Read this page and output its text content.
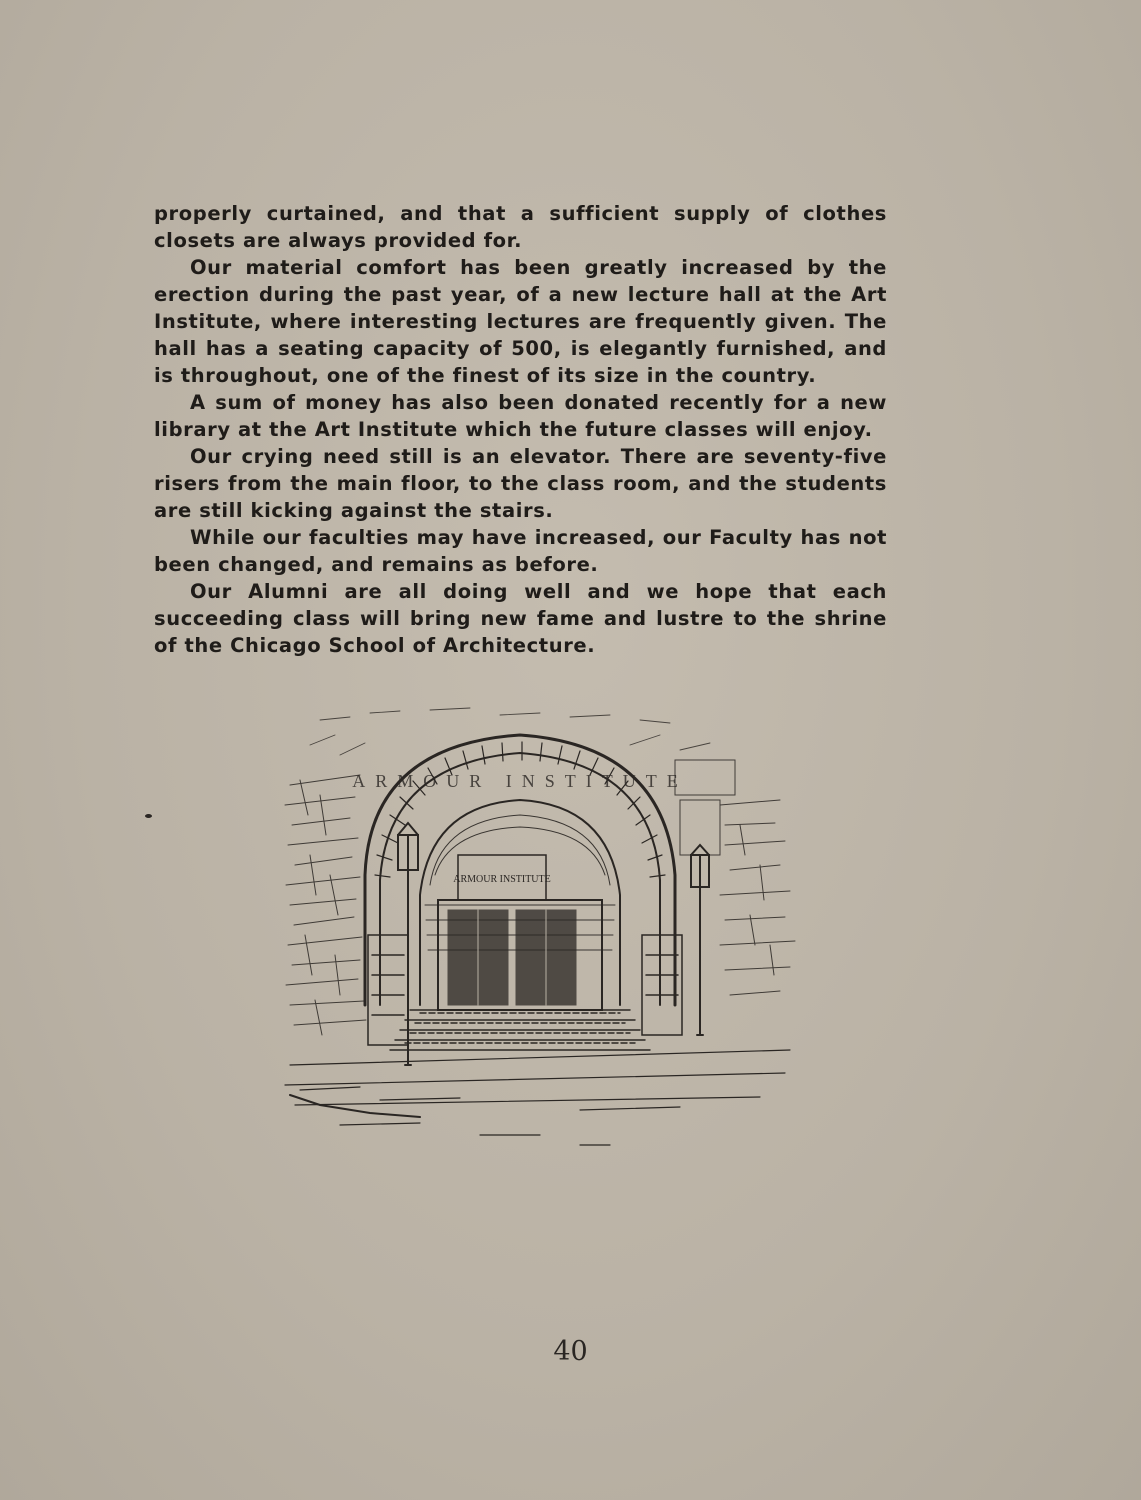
properly curtained, and that a sufficient supply of clothes closets are always provided for.

Our material comfort has been greatly increased by the erection during the past year, of a new lecture hall at the Art Institute, where interesting lectures are frequently given. The hall has a seating capacity of 500, is elegantly furnished, and is throughout, one of the finest of its size in the country.

A sum of money has also been donated recently for a new library at the Art Institute which the future classes will enjoy.

Our crying need still is an elevator. There are seventy-five risers from the main floor, to the class room, and the students are still kicking against the stairs.

While our faculties may have increased, our Faculty has not been changed, and remains as before.

Our Alumni are all doing well and we hope that each succeeding class will bring new fame and lustre to the shrine of the Chicago School of Architecture.

ARMOUR INSTITUTE
ARMOUR INSTITUTE
40
